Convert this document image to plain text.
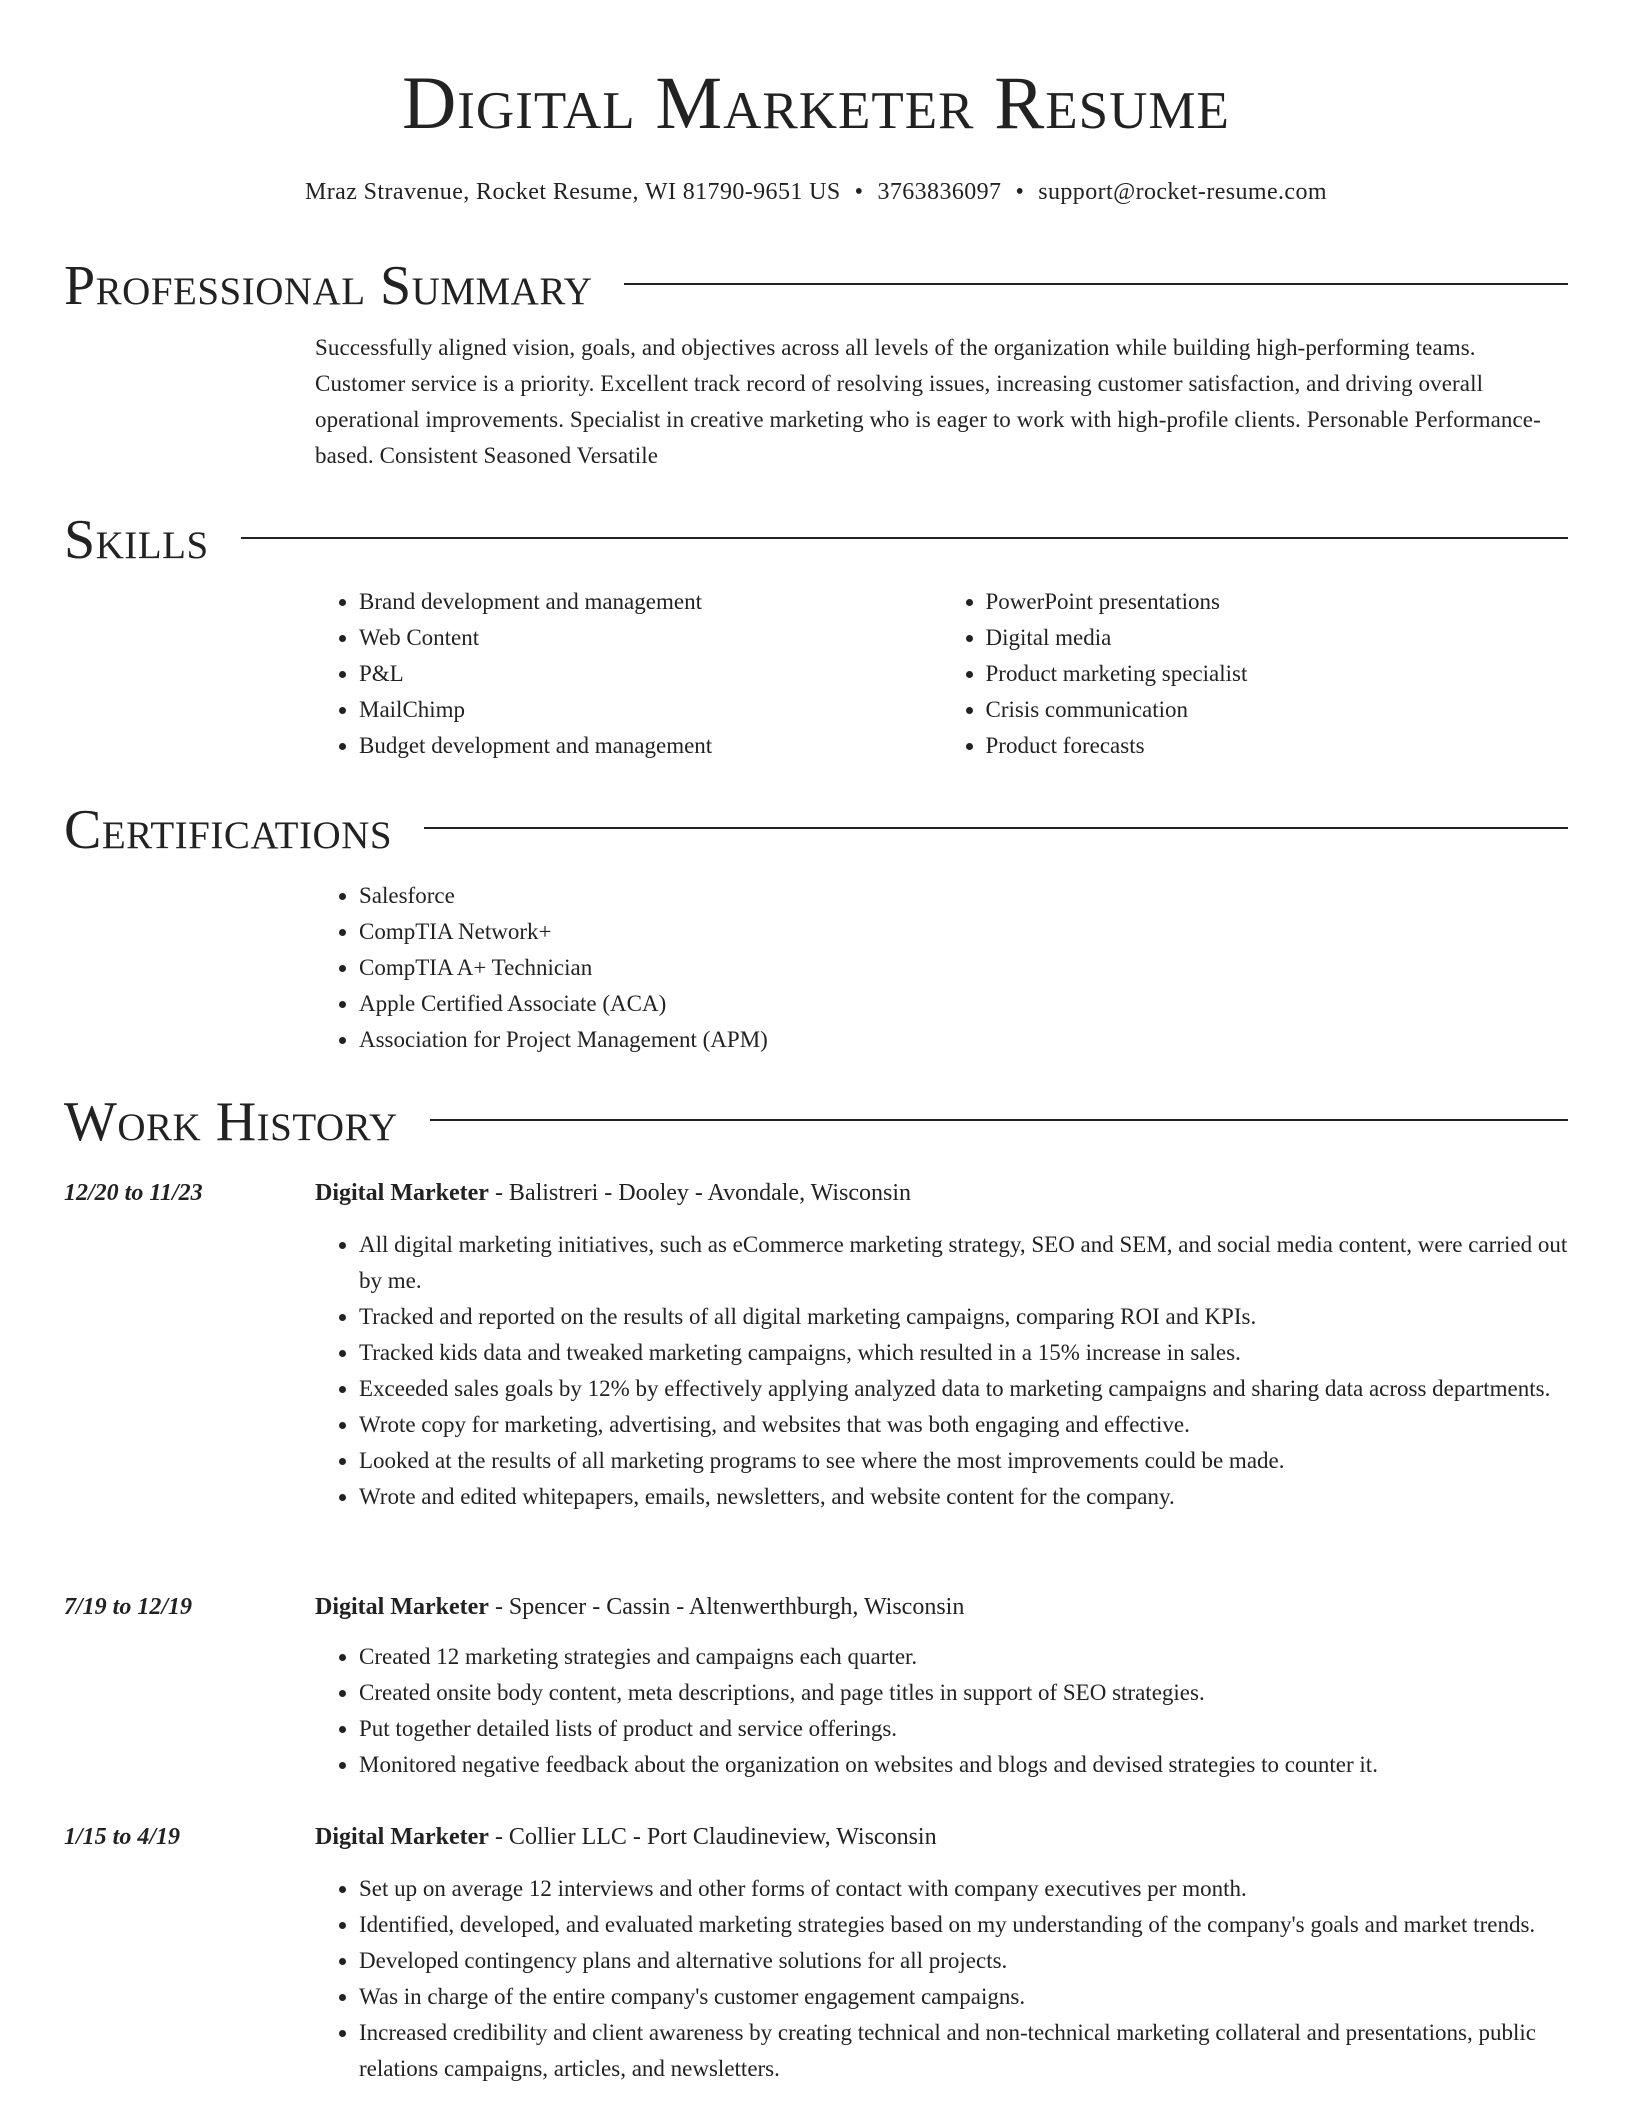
Digital Marketer Resume
Mraz Stravenue, Rocket Resume, WI 81790-9651 US • 3763836097 • support@rocket-resume.com
Professional Summary

Successfully aligned vision, goals, and objectives across all levels of the organization while building high-performing teams. Customer service is a priority. Excellent track record of resolving issues, increasing customer satisfaction, and driving overall operational improvements. Specialist in creative marketing who is eager to work with high-profile clients. Personable Performance-based. Consistent Seasoned Versatile

Skills
• Brand development and management
• Web Content
• P&L
• MailChimp
• Budget development and management
• PowerPoint presentations
• Digital media
• Product marketing specialist
• Crisis communication
• Product forecasts
Certifications
• Salesforce
• CompTIA Network+
• CompTIA A+ Technician
• Apple Certified Associate (ACA)
• Association for Project Management (APM)
Work History
12/20 to 11/23	Digital Marketer - Balistreri - Dooley - Avondale, Wisconsin
• All digital marketing initiatives, such as eCommerce marketing strategy, SEO and SEM, and social media content, were carried out by me.
• Tracked and reported on the results of all digital marketing campaigns, comparing ROI and KPIs.
• Tracked kids data and tweaked marketing campaigns, which resulted in a 15% increase in sales.
• Exceeded sales goals by 12% by effectively applying analyzed data to marketing campaigns and sharing data across departments.
• Wrote copy for marketing, advertising, and websites that was both engaging and effective.
• Looked at the results of all marketing programs to see where the most improvements could be made.
• Wrote and edited whitepapers, emails, newsletters, and website content for the company.
7/19 to 12/19	Digital Marketer - Spencer - Cassin - Altenwerthburgh, Wisconsin
• Created 12 marketing strategies and campaigns each quarter.
• Created onsite body content, meta descriptions, and page titles in support of SEO strategies.
• Put together detailed lists of product and service offerings.
• Monitored negative feedback about the organization on websites and blogs and devised strategies to counter it.
1/15 to 4/19	Digital Marketer - Collier LLC - Port Claudineview, Wisconsin
• Set up on average 12 interviews and other forms of contact with company executives per month.
• Identified, developed, and evaluated marketing strategies based on my understanding of the company's goals and market trends.
• Developed contingency plans and alternative solutions for all projects.
• Was in charge of the entire company's customer engagement campaigns.
• Increased credibility and client awareness by creating technical and non-technical marketing collateral and presentations, public relations campaigns, articles, and newsletters.
